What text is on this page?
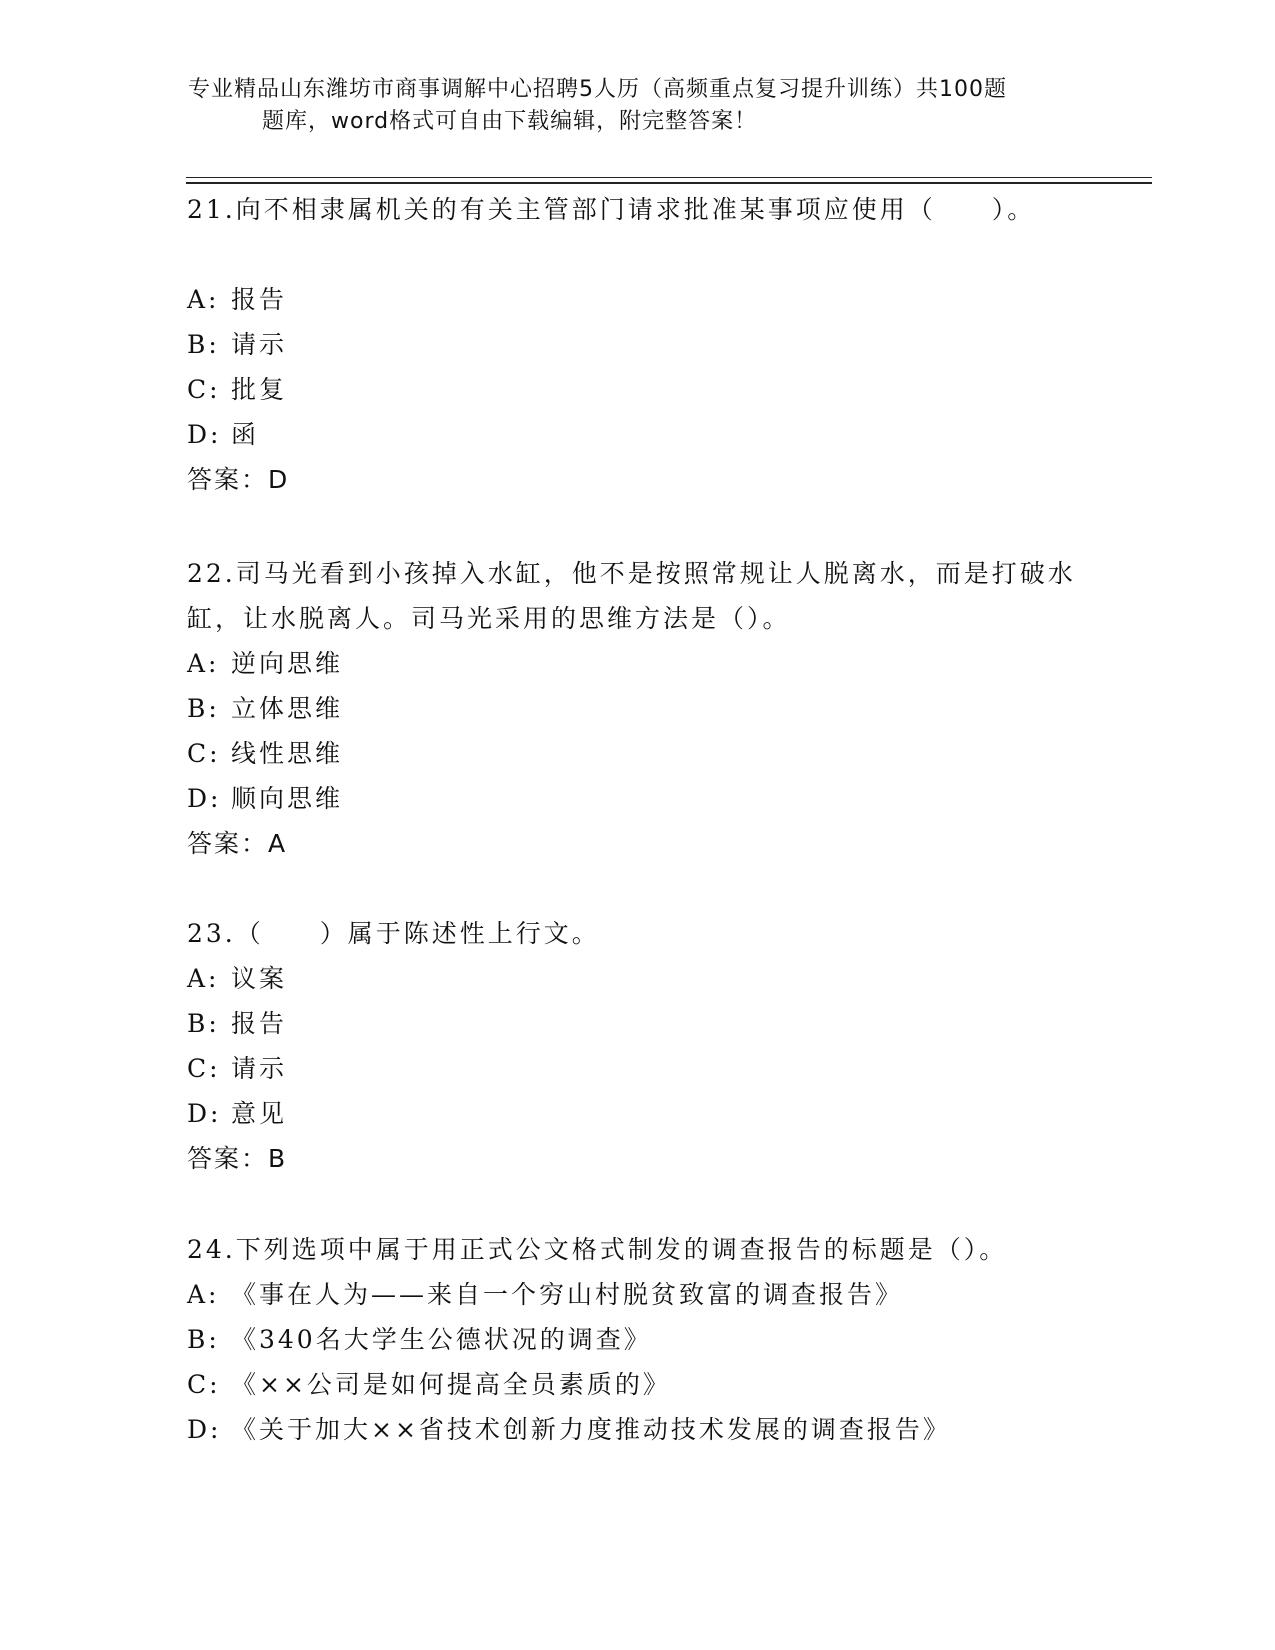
专业精品山东潍坊市商事调解中心招聘5人历（高频重点复习提升训练）共100题
题库，word格式可自由下载编辑，附完整答案！
21.向不相隶属机关的有关主管部门请求批准某事项应使用（　　）。
A: 报告
B: 请示
C: 批复
D: 函
答案：D
22.司马光看到小孩掉入水缸，他不是按照常规让人脱离水，而是打破水缸，让水脱离人。司马光采用的思维方法是（）。
A: 逆向思维
B: 立体思维
C: 线性思维
D: 顺向思维
答案：A
23.（　　）属于陈述性上行文。
A: 议案
B: 报告
C: 请示
D: 意见
答案：B
24.下列选项中属于用正式公文格式制发的调查报告的标题是（）。
A: 《事在人为——来自一个穷山村脱贫致富的调查报告》
B: 《340名大学生公德状况的调查》
C: 《××公司是如何提高全员素质的》
D: 《关于加大××省技术创新力度推动技术发展的调查报告》
